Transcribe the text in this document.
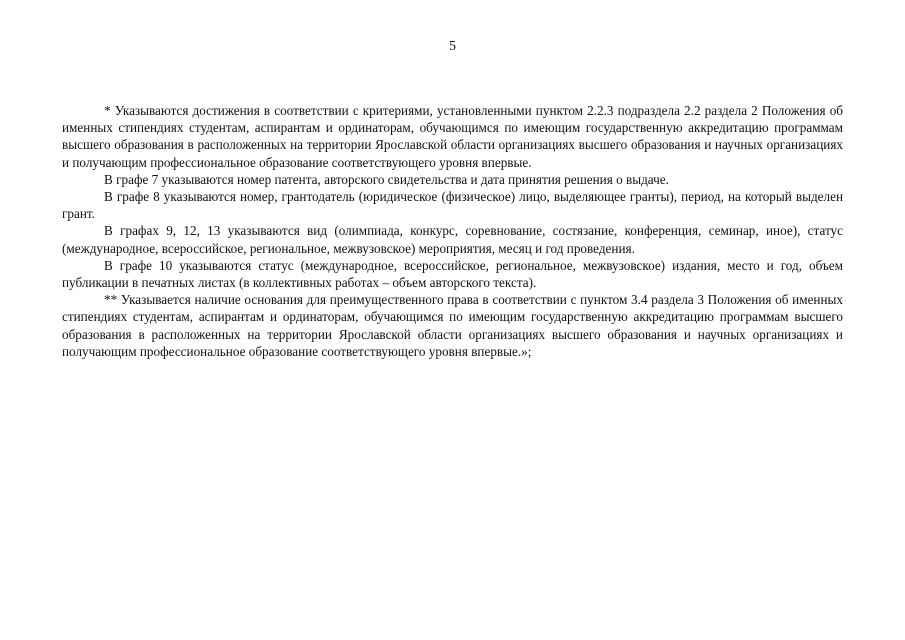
5

* Указываются достижения в соответствии с критериями, установленными пунктом 2.2.3 подраздела 2.2 раздела 2 Положения об именных стипендиях студентам, аспирантам и ординаторам, обучающимся по имеющим государственную аккредитацию программам высшего образования в расположенных на территории Ярославской области организациях высшего образования и научных организациях и получающим профессиональное образование соответствующего уровня впервые.

В графе 7 указываются номер патента, авторского свидетельства и дата принятия решения о выдаче.

В графе 8 указываются номер, грантодатель (юридическое (физическое) лицо, выделяющее гранты), период, на который выделен грант.

В графах 9, 12, 13 указываются вид (олимпиада, конкурс, соревнование, состязание, конференция, семинар, иное), статус (международное, всероссийское, региональное, межвузовское) мероприятия, месяц и год проведения.

В графе 10 указываются статус (международное, всероссийское, региональное, межвузовское) издания, место и год, объем публикации в печатных листах (в коллективных работах – объем авторского текста).

** Указывается наличие основания для преимущественного права в соответствии с пунктом 3.4 раздела 3 Положения об именных стипендиях студентам, аспирантам и ординаторам, обучающимся по имеющим государственную аккредитацию программам высшего образования в расположенных на территории Ярославской области организациях высшего образования и научных организациях и получающим профессиональное образование соответствующего уровня впервые.»;
